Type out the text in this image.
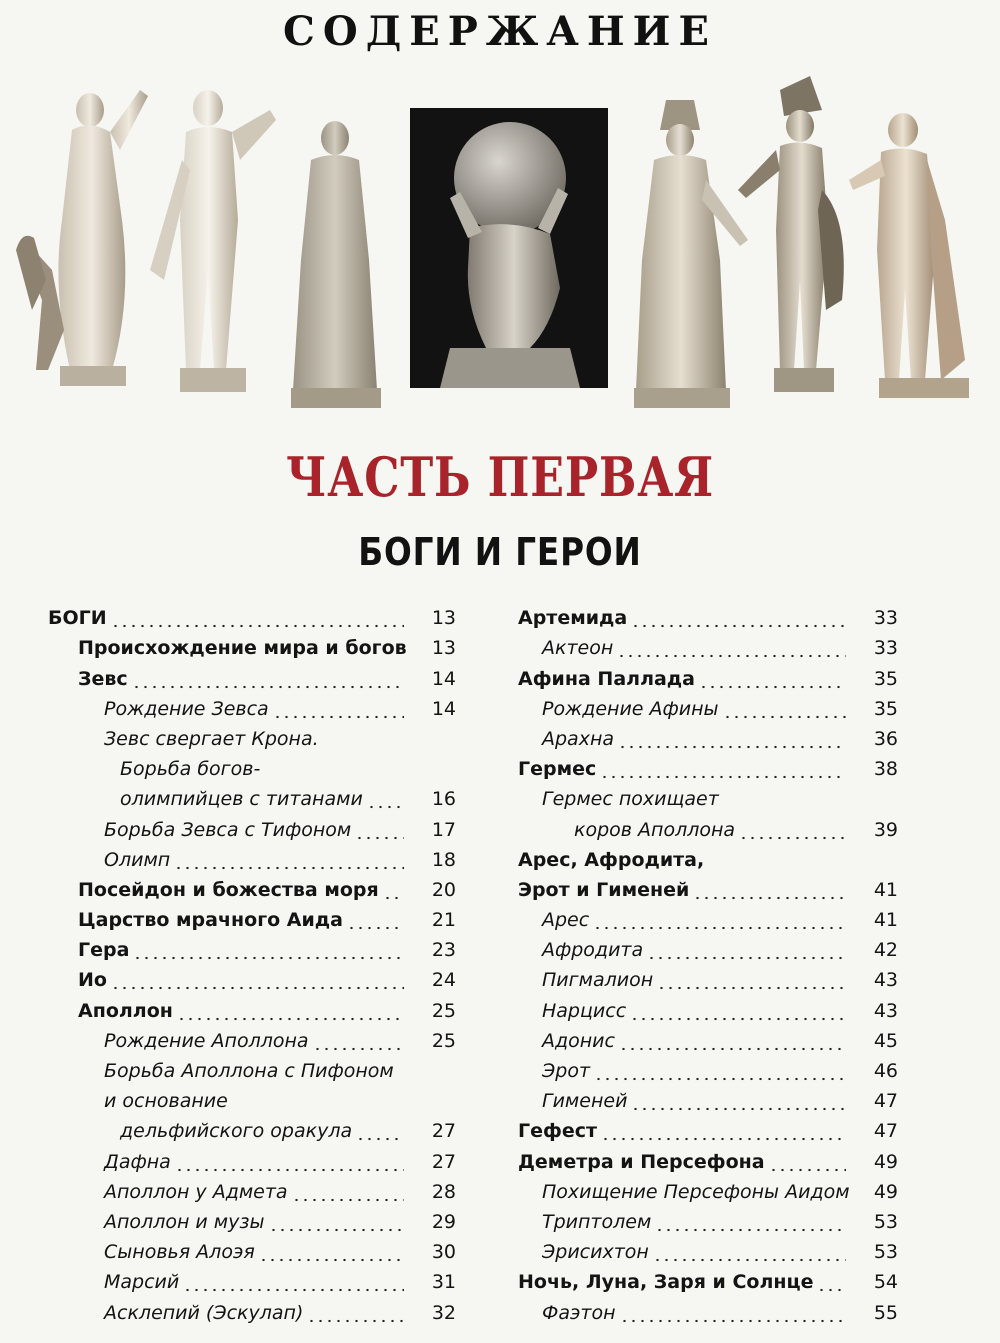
СОДЕРЖАНИЕ
ЧАСТЬ ПЕРВАЯ
БОГИ И ГЕРОИ
БОГИ	13
Происхождение мира и богов	13
Зевс	14
Рождение Зевса	14
Зевс свергает Крона.
Борьба богов-
олимпийцев с титанами	16
Борьба Зевса с Тифоном	17
Олимп	18
Посейдон и божества моря	20
Царство мрачного Аида	21
Гера	23
Ио	24
Аполлон	25
Рождение Аполлона	25
Борьба Аполлона с Пифоном
и основание
дельфийского оракула	27
Дафна	27
Аполлон у Адмета	28
Аполлон и музы	29
Сыновья Алоэя	30
Марсий	31
Асклепий (Эскулап)	32
Артемида	33
Актеон	33
Афина Паллада	35
Рождение Афины	35
Арахна	36
Гермес	38
Гермес похищает
коров Аполлона	39
Арес, Афродита,
Эрот и Гименей	41
Арес	41
Афродита	42
Пигмалион	43
Нарцисс	43
Адонис	45
Эрот	46
Гименей	47
Гефест	47
Деметра и Персефона	49
Похищение Персефоны Аидом	49
Триптолем	53
Эрисихтон	53
Ночь, Луна, Заря и Солнце	54
Фаэтон	55
